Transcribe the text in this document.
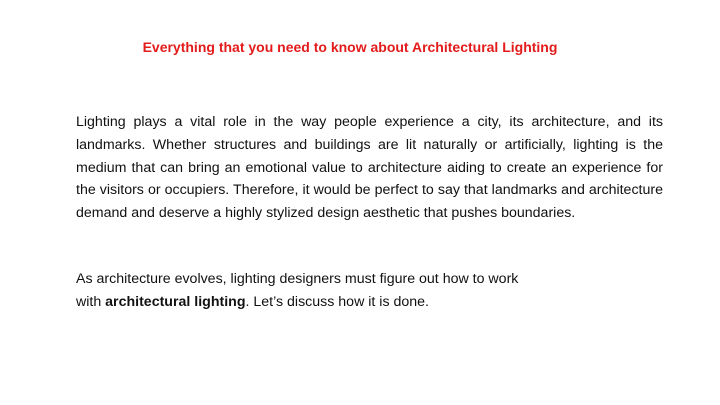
Everything that you need to know about Architectural Lighting

Lighting plays a vital role in the way people experience a city, its architecture, and its landmarks. Whether structures and buildings are lit naturally or artificially, lighting is the medium that can bring an emotional value to architecture aiding to create an experience for the visitors or occupiers. Therefore, it would be perfect to say that landmarks and architecture demand and deserve a highly stylized design aesthetic that pushes boundaries.

As architecture evolves, lighting designers must figure out how to work
with architectural lighting. Let’s discuss how it is done.
